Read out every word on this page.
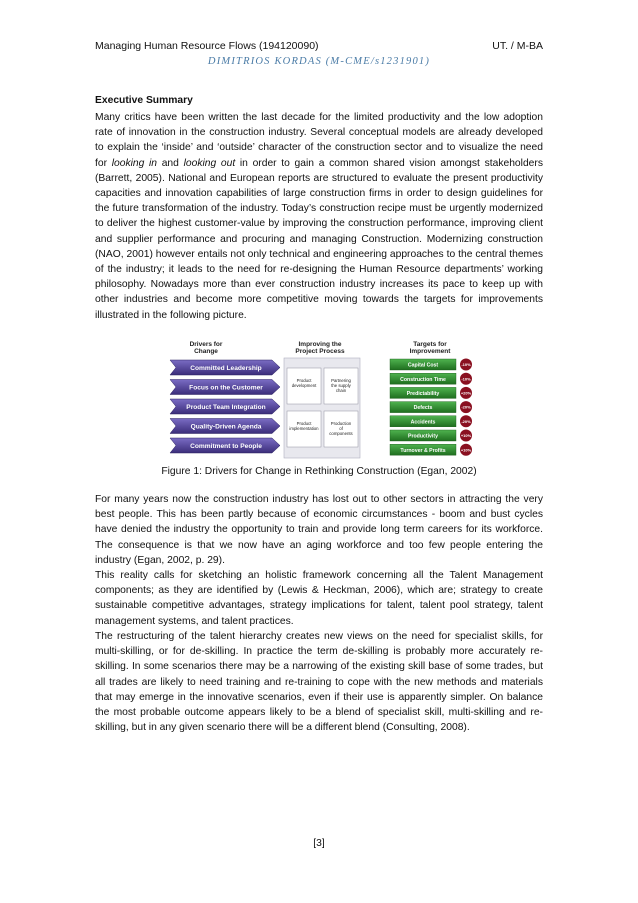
Managing Human Resource Flows (194120090)	UT. / M-BA
DIMITRIOS KORDAS (M-CME/s1231901)
Executive Summary

Many critics have been written the last decade for the limited productivity and the low adoption rate of innovation in the construction industry. Several conceptual models are already developed to explain the ‘inside’ and ‘outside’ character of the construction sector and to visualize the need for looking in and looking out in order to gain a common shared vision amongst stakeholders (Barrett, 2005). National and European reports are structured to evaluate the present productivity capacities and innovation capabilities of large construction firms in order to design guidelines for the future transformation of the industry. Today’s construction recipe must be urgently modernized to deliver the highest customer-value by improving the construction performance, improving client and supplier performance and procuring and managing Construction. Modernizing construction (NAO, 2001) however entails not only technical and engineering approaches to the central themes of the industry; it leads to the need for re-designing the Human Resource departments’ working philosophy. Nowadays more than ever construction industry increases its pace to keep up with other industries and become more competitive moving towards the targets for improvements illustrated in the following picture.

Drivers for
Change
Improving the
Project Process
Targets for
Improvement
Committed Leadership
Focus on the Customer
Product Team Integration
Quality-Driven Agenda
Commitment to People
Product development
Partnering the supply chain
Product implementation
Production of components
Capital Cost	-10%
Construction Time	-10%
Predictability	+20%
Defects	-20%
Accidents	-20%
Productivity	+10%
Turnover & Profits	+10%
Figure 1: Drivers for Change in Rethinking Construction (Egan, 2002)

For many years now the construction industry has lost out to other sectors in attracting the very best people. This has been partly because of economic circumstances - boom and bust cycles have denied the industry the opportunity to train and provide long term careers for its workforce. The consequence is that we now have an aging workforce and too few people entering the industry (Egan, 2002, p. 29).

This reality calls for sketching an holistic framework concerning all the Talent Management components; as they are identified by (Lewis & Heckman, 2006), which are; strategy to create sustainable competitive advantages, strategy implications for talent, talent pool strategy, talent management systems, and talent practices.

The restructuring of the talent hierarchy creates new views on the need for specialist skills, for multi-skilling, or for de-skilling. In practice the term de-skilling is probably more accurately re-skilling. In some scenarios there may be a narrowing of the existing skill base of some trades, but all trades are likely to need training and re-training to cope with the new methods and materials that may emerge in the innovative scenarios, even if their use is apparently simpler. On balance the most probable outcome appears likely to be a blend of specialist skill, multi-skilling and re-skilling, but in any given scenario there will be a different blend (Consulting, 2008).

[3]
